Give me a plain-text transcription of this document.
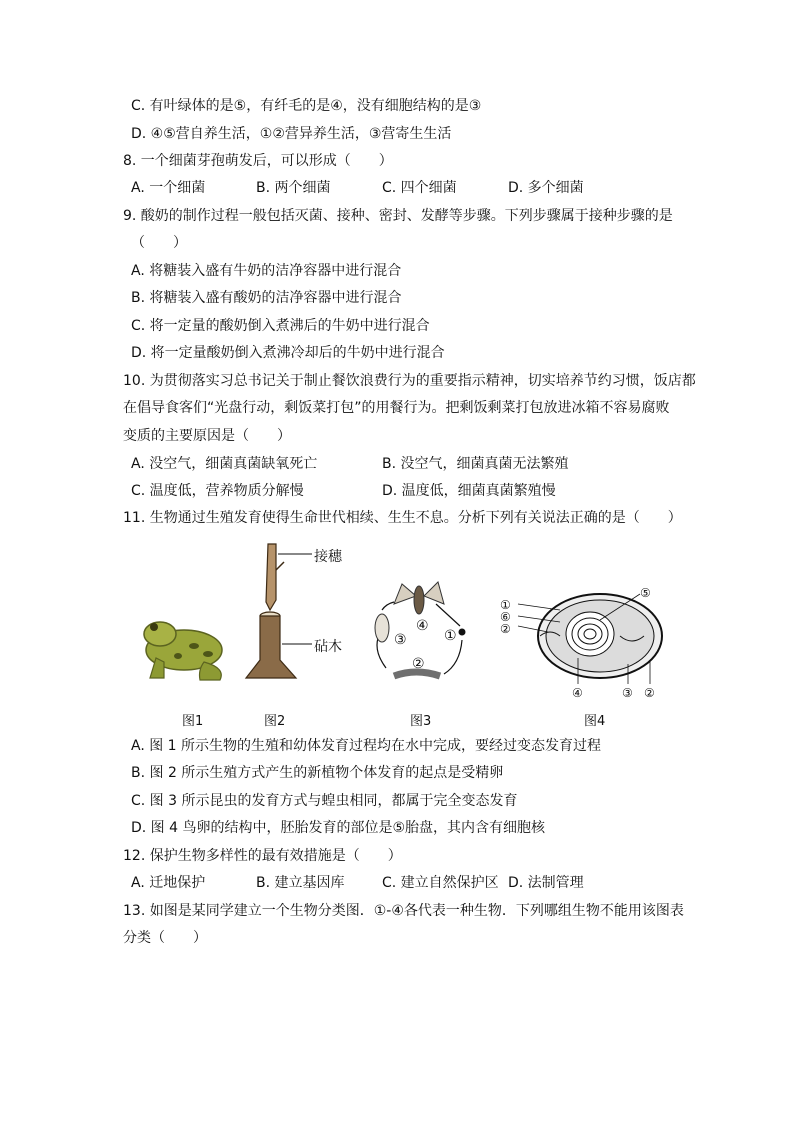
C. 有叶绿体的是⑤，有纤毛的是④，没有细胞结构的是③
D. ④⑤营自养生活，①②营异养生活，③营寄生生活
8. 一个细菌芽孢萌发后，可以形成（　　）
A. 一个细菌	B. 两个细菌	C. 四个细菌	D. 多个细菌
9. 酸奶的制作过程一般包括灭菌、接种、密封、发酵等步骤。下列步骤属于接种步骤的是
（　　）
A. 将糖装入盛有牛奶的洁净容器中进行混合
B. 将糖装入盛有酸奶的洁净容器中进行混合
C. 将一定量的酸奶倒入煮沸后的牛奶中进行混合
D. 将一定量酸奶倒入煮沸冷却后的牛奶中进行混合
10. 为贯彻落实习总书记关于制止餐饮浪费行为的重要指示精神，切实培养节约习惯，饭店都
在倡导食客们“光盘行动，剩饭菜打包”的用餐行为。把剩饭剩菜打包放进冰箱不容易腐败
变质的主要原因是（　　）
A. 没空气，细菌真菌缺氧死亡	B. 没空气，细菌真菌无法繁殖
C. 温度低，营养物质分解慢	D. 温度低，细菌真菌繁殖慢
11. 生物通过生殖发育使得生命世代相续、生生不息。分析下列有关说法正确的是（　　）
图1
接穗
砧木
图2
④
③	①
②
图3
⑤
①
⑥
②
④	③ ②
图4
A. 图 1 所示生物的生殖和幼体发育过程均在水中完成，要经过变态发育过程
B. 图 2 所示生殖方式产生的新植物个体发育的起点是受精卵
C. 图 3 所示昆虫的发育方式与蝗虫相同，都属于完全变态发育
D. 图 4 鸟卵的结构中，胚胎发育的部位是⑤胎盘，其内含有细胞核
12. 保护生物多样性的最有效措施是（　　）
A. 迁地保护	B. 建立基因库	C. 建立自然保护区 D. 法制管理
13. 如图是某同学建立一个生物分类图．①-④各代表一种生物．下列哪组生物不能用该图表
分类（　　）
